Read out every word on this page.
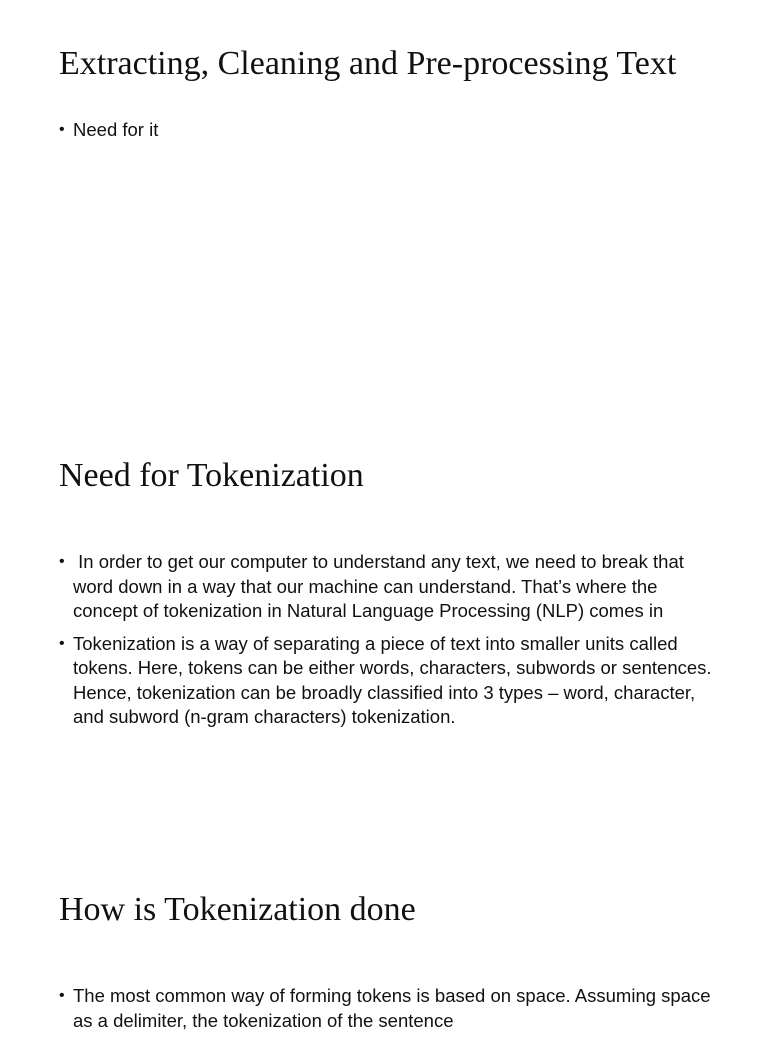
Extracting, Cleaning and Pre-processing Text
• Need for it
Need for Tokenization
• In order to get our computer to understand any text, we need to break that word down in a way that our machine can understand. That’s where the concept of tokenization in Natural Language Processing (NLP) comes in
• Tokenization is a way of separating a piece of text into smaller units called tokens. Here, tokens can be either words, characters, subwords or sentences. Hence, tokenization can be broadly classified into 3 types – word, character, and subword (n-gram characters) tokenization.
How is Tokenization done
• The most common way of forming tokens is based on space. Assuming space as a delimiter, the tokenization of the sentence
